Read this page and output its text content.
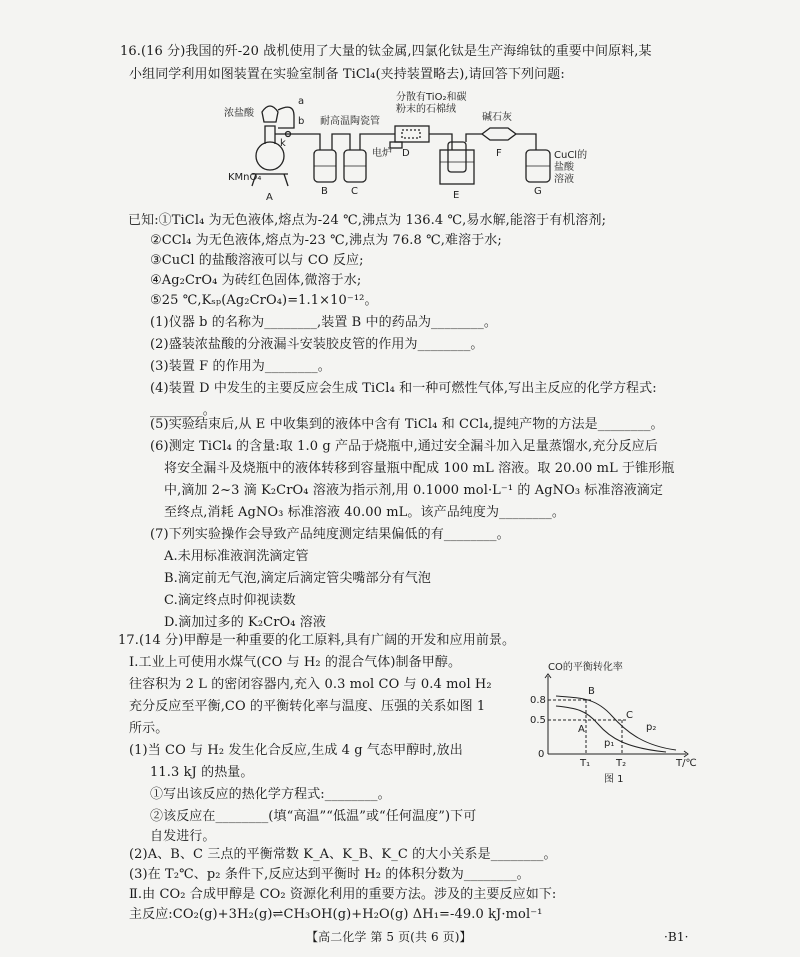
16.(16 分)我国的歼-20 战机使用了大量的钛金属,四氯化钛是生产海绵钛的重要中间原料,某
小组同学利用如图装置在实验室制备 TiCl₄(夹持装置略去),请回答下列问题:
浓盐酸
a
b
k
KMnO₄
耐高温陶瓷管
分散有TiO₂和碳
粉末的石棉绒
电炉
碱石灰
CuCl的
盐酸
溶液
A
B C
D
E
F
G
已知:①TiCl₄ 为无色液体,熔点为-24 ℃,沸点为 136.4 ℃,易水解,能溶于有机溶剂;
②CCl₄ 为无色液体,熔点为-23 ℃,沸点为 76.8 ℃,难溶于水;
③CuCl 的盐酸溶液可以与 CO 反应;
④Ag₂CrO₄ 为砖红色固体,微溶于水;
⑤25 ℃,Kₛₚ(Ag₂CrO₄)=1.1×10⁻¹²。
(1)仪器 b 的名称为________,装置 B 中的药品为________。
(2)盛装浓盐酸的分液漏斗安装胶皮管的作用为________。
(3)装置 F 的作用为________。
(4)装置 D 中发生的主要反应会生成 TiCl₄ 和一种可燃性气体,写出主反应的化学方程式:
________。
(5)实验结束后,从 E 中收集到的液体中含有 TiCl₄ 和 CCl₄,提纯产物的方法是________。
(6)测定 TiCl₄ 的含量:取 1.0 g 产品于烧瓶中,通过安全漏斗加入足量蒸馏水,充分反应后
将安全漏斗及烧瓶中的液体转移到容量瓶中配成 100 mL 溶液。取 20.00 mL 于锥形瓶
中,滴加 2~3 滴 K₂CrO₄ 溶液为指示剂,用 0.1000 mol·L⁻¹ 的 AgNO₃ 标准溶液滴定
至终点,消耗 AgNO₃ 标准溶液 40.00 mL。该产品纯度为________。
(7)下列实验操作会导致产品纯度测定结果偏低的有________。
A.未用标准液润洗滴定管
B.滴定前无气泡,滴定后滴定管尖嘴部分有气泡
C.滴定终点时仰视读数
D.滴加过多的 K₂CrO₄ 溶液
17.(14 分)甲醇是一种重要的化工原料,具有广阔的开发和应用前景。
Ⅰ.工业上可使用水煤气(CO 与 H₂ 的混合气体)制备甲醇。
往容积为 2 L 的密闭容器内,充入 0.3 mol CO 与 0.4 mol H₂
充分反应至平衡,CO 的平衡转化率与温度、压强的关系如图 1
所示。
(1)当 CO 与 H₂ 发生化合反应,生成 4 g 气态甲醇时,放出
11.3 kJ 的热量。
①写出该反应的热化学方程式:________。
②该反应在________(填“高温”“低温”或“任何温度”)下可
自发进行。
(2)A、B、C 三点的平衡常数 K_A、K_B、K_C 的大小关系是________。
(3)在 T₂℃、p₂ 条件下,反应达到平衡时 H₂ 的体积分数为________。
Ⅱ.由 CO₂ 合成甲醇是 CO₂ 资源化利用的重要方法。涉及的主要反应如下:
主反应:CO₂(g)+3H₂(g)⇌CH₃OH(g)+H₂O(g) ΔH₁=-49.0 kJ·mol⁻¹
CO的平衡转化率
0.8
0.5
0
T₁	T₂	T/℃
A
B
C
p₁
p₂
图 1
【高二化学 第 5 页(共 6 页)】	·B1·
